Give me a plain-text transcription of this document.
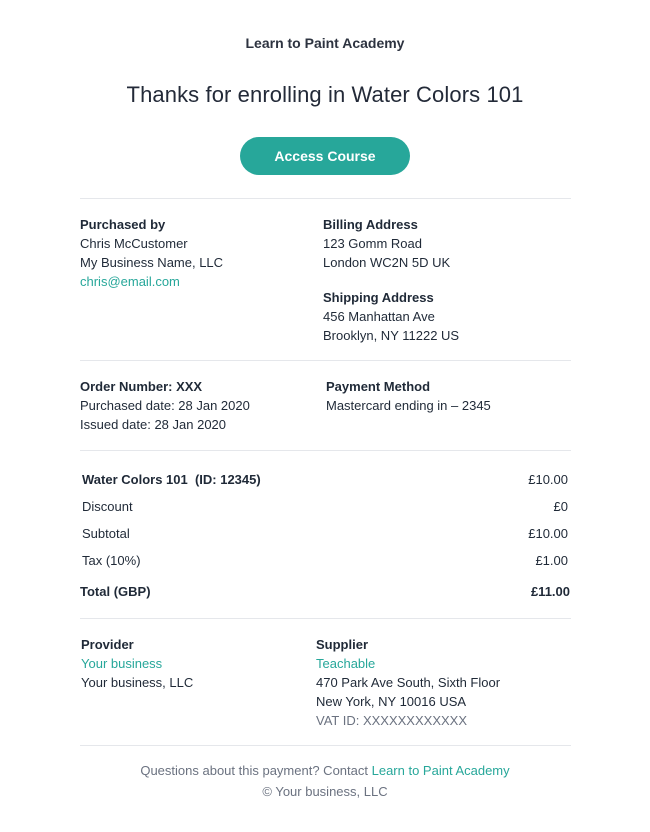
Learn to Paint Academy
Thanks for enrolling in Water Colors 101
Access Course
Purchased by
Chris McCustomer
My Business Name, LLC
chris@email.com
Billing Address
123 Gomm Road
London WC2N 5D UK
Shipping Address
456 Manhattan Ave
Brooklyn, NY 11222 US
Order Number: XXX
Purchased date: 28 Jan 2020
Issued date: 28 Jan 2020
Payment Method
Mastercard ending in – 2345
Water Colors 101  (ID: 12345)	£10.00
Discount	£0
Subtotal	£10.00
Tax (10%)	£1.00
Total (GBP)	£11.00
Provider
Your business
Your business, LLC
Supplier
Teachable
470 Park Ave South, Sixth Floor
New York, NY 10016 USA
VAT ID: XXXXXXXXXXXX
Questions about this payment? Contact Learn to Paint Academy
© Your business, LLC
